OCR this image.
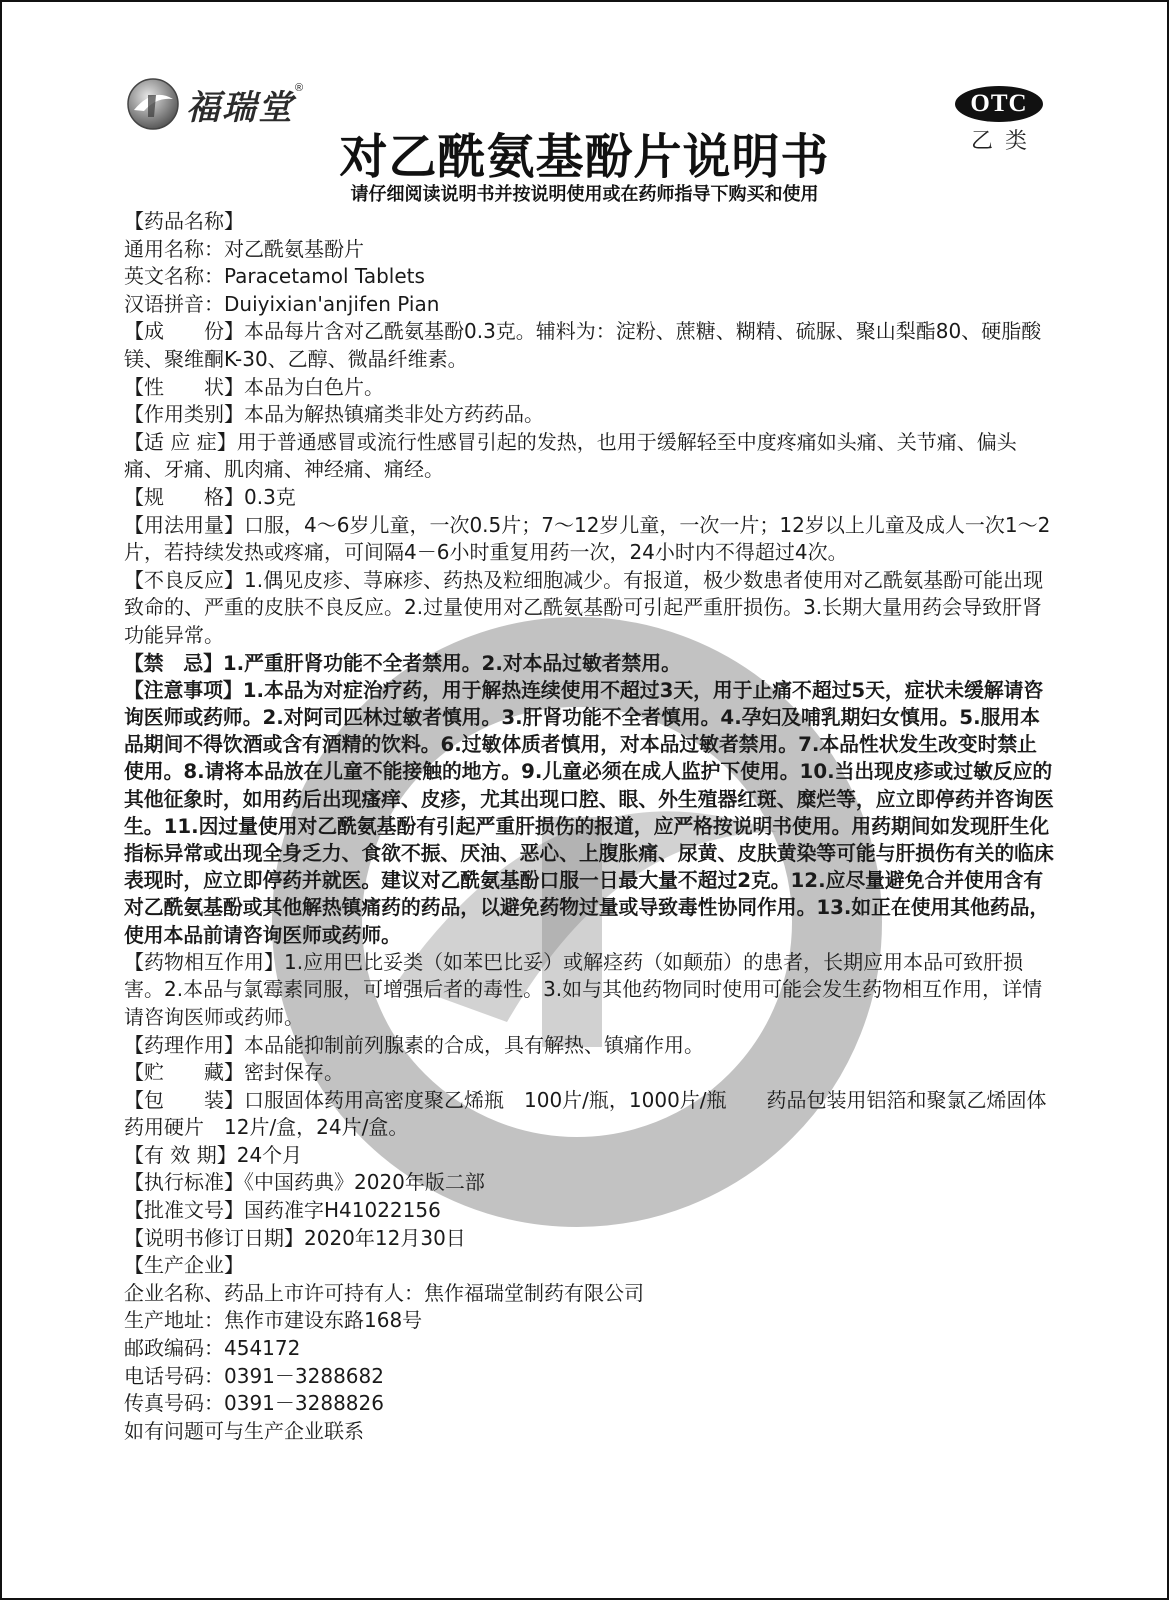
福瑞堂 ®
OTC
乙类
对乙酰氨基酚片说明书
请仔细阅读说明书并按说明使用或在药师指导下购买和使用

【药品名称】

通用名称：对乙酰氨基酚片

英文名称：Paracetamol Tablets

汉语拼音：Duiyixian'anjifen Pian

【成　　份】本品每片含对乙酰氨基酚0.3克。辅料为：淀粉、蔗糖、糊精、硫脲、聚山梨酯80、硬脂酸镁、聚维酮K-30、乙醇、微晶纤维素。

【性　　状】本品为白色片。

【作用类别】本品为解热镇痛类非处方药药品。

【适 应 症】用于普通感冒或流行性感冒引起的发热，也用于缓解轻至中度疼痛如头痛、关节痛、偏头痛、牙痛、肌肉痛、神经痛、痛经。

【规　　格】0.3克

【用法用量】口服，4～6岁儿童，一次0.5片；7～12岁儿童，一次一片；12岁以上儿童及成人一次1～2片，若持续发热或疼痛，可间隔4－6小时重复用药一次，24小时内不得超过4次。

【不良反应】1.偶见皮疹、荨麻疹、药热及粒细胞减少。有报道，极少数患者使用对乙酰氨基酚可能出现致命的、严重的皮肤不良反应。2.过量使用对乙酰氨基酚可引起严重肝损伤。3.长期大量用药会导致肝肾功能异常。

【禁　忌】1.严重肝肾功能不全者禁用。2.对本品过敏者禁用。

【注意事项】1.本品为对症治疗药，用于解热连续使用不超过3天，用于止痛不超过5天，症状未缓解请咨询医师或药师。2.对阿司匹林过敏者慎用。3.肝肾功能不全者慎用。4.孕妇及哺乳期妇女慎用。5.服用本品期间不得饮酒或含有酒精的饮料。6.过敏体质者慎用，对本品过敏者禁用。7.本品性状发生改变时禁止使用。8.请将本品放在儿童不能接触的地方。9.儿童必须在成人监护下使用。10.当出现皮疹或过敏反应的其他征象时，如用药后出现瘙痒、皮疹，尤其出现口腔、眼、外生殖器红斑、糜烂等，应立即停药并咨询医生。11.因过量使用对乙酰氨基酚有引起严重肝损伤的报道，应严格按说明书使用。用药期间如发现肝生化指标异常或出现全身乏力、食欲不振、厌油、恶心、上腹胀痛、尿黄、皮肤黄染等可能与肝损伤有关的临床表现时，应立即停药并就医。建议对乙酰氨基酚口服一日最大量不超过2克。12.应尽量避免合并使用含有对乙酰氨基酚或其他解热镇痛药的药品，以避免药物过量或导致毒性协同作用。13.如正在使用其他药品，使用本品前请咨询医师或药师。

【药物相互作用】1.应用巴比妥类（如苯巴比妥）或解痉药（如颠茄）的患者，长期应用本品可致肝损害。2.本品与氯霉素同服，可增强后者的毒性。3.如与其他药物同时使用可能会发生药物相互作用，详情请咨询医师或药师。

【药理作用】本品能抑制前列腺素的合成，具有解热、镇痛作用。

【贮　　藏】密封保存。

【包　　装】口服固体药用高密度聚乙烯瓶　100片/瓶，1000片/瓶　　药品包装用铝箔和聚氯乙烯固体药用硬片　12片/盒，24片/盒。

【有 效 期】24个月

【执行标准】《中国药典》2020年版二部

【批准文号】国药准字H41022156

【说明书修订日期】2020年12月30日

【生产企业】

企业名称、药品上市许可持有人：焦作福瑞堂制药有限公司

生产地址：焦作市建设东路168号

邮政编码：454172

电话号码：0391－3288682

传真号码：0391－3288826

如有问题可与生产企业联系
